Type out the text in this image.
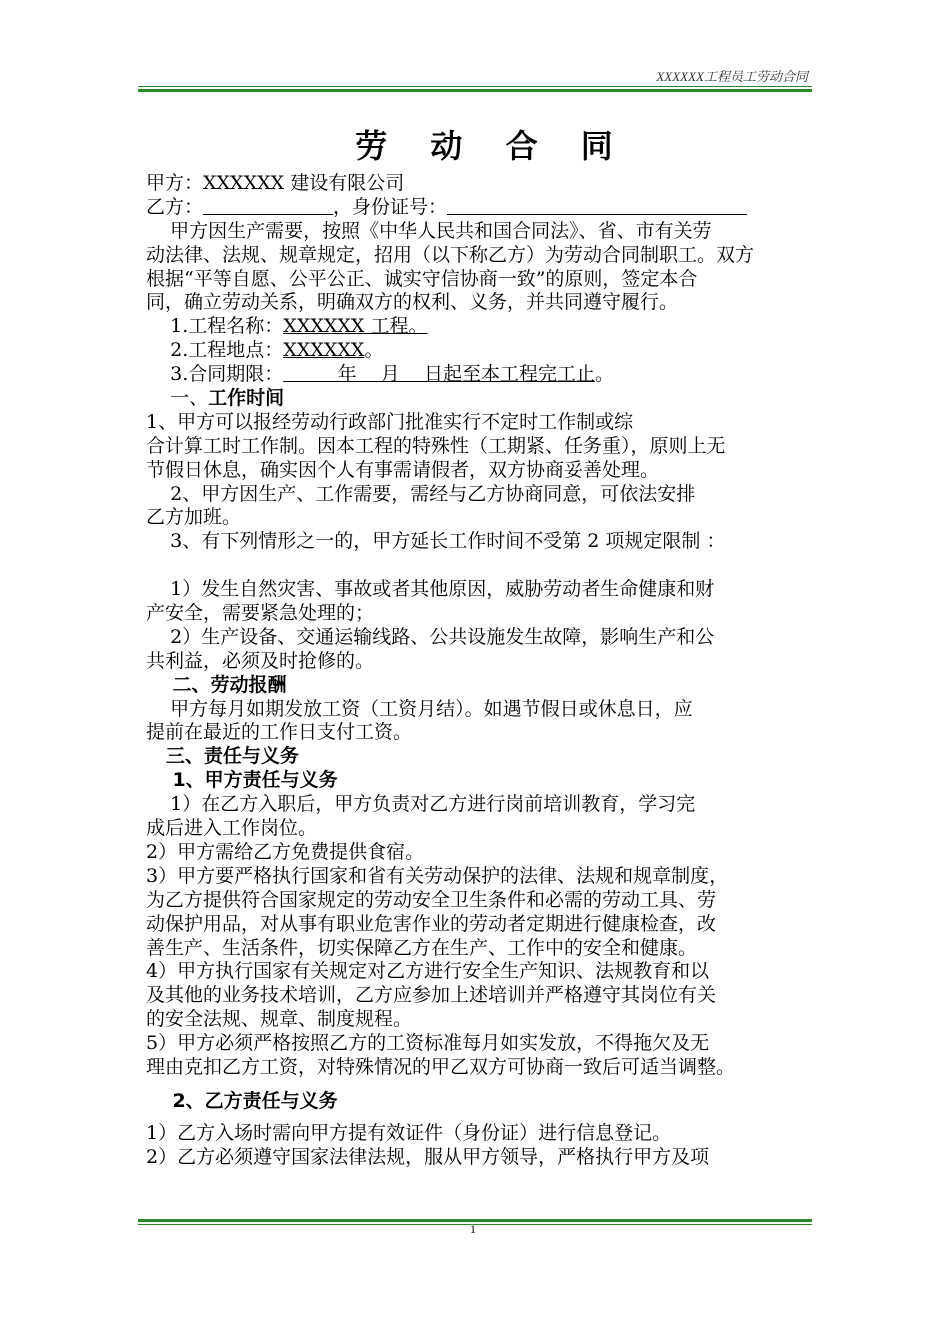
XXXXXX工程员工劳动合同
劳 动 合 同
甲方：XXXXXX 建设有限公司
乙方：	，身份证号：
甲方因生产需要，按照《中华人民共和国合同法》、省、市有关劳
动法律、法规、规章规定，招用（以下称乙方）为劳动合同制职工。双方
根据“平等自愿、公平公正、诚实守信协商一致”的原则，签定本合
同，确立劳动关系，明确双方的权利、义务，并共同遵守履行。
1.工程名称：XXXXXX 工程。
2.工程地点：XXXXXX。
3.合同期限：         年    月    日起至本工程完工止。
一、工作时间
1、甲方可以报经劳动行政部门批准实行不定时工作制或综
合计算工时工作制。因本工程的特殊性（工期紧、任务重），原则上无
节假日休息，确实因个人有事需请假者，双方协商妥善处理。
2、甲方因生产、工作需要，需经与乙方协商同意，可依法安排
乙方加班。
3、有下列情形之一的，甲方延长工作时间不受第 2 项规定限制 ：
1）发生自然灾害、事故或者其他原因，威胁劳动者生命健康和财
产安全，需要紧急处理的；
2）生产设备、交通运输线路、公共设施发生故障，影响生产和公
共利益，必须及时抢修的。
二、劳动报酬
甲方每月如期发放工资（工资月结）。如遇节假日或休息日，应
提前在最近的工作日支付工资。
三、责任与义务
1、甲方责任与义务
1）在乙方入职后，甲方负责对乙方进行岗前培训教育，学习完
成后进入工作岗位。
2）甲方需给乙方免费提供食宿。
3）甲方要严格执行国家和省有关劳动保护的法律、法规和规章制度，
为乙方提供符合国家规定的劳动安全卫生条件和必需的劳动工具、劳
动保护用品，对从事有职业危害作业的劳动者定期进行健康检查，改
善生产、生活条件，切实保障乙方在生产、工作中的安全和健康。
4）甲方执行国家有关规定对乙方进行安全生产知识、法规教育和以
及其他的业务技术培训，乙方应参加上述培训并严格遵守其岗位有关
的安全法规、规章、制度规程。
5）甲方必须严格按照乙方的工资标准每月如实发放，不得拖欠及无
理由克扣乙方工资，对特殊情况的甲乙双方可协商一致后可适当调整。
2、乙方责任与义务
1）乙方入场时需向甲方提有效证件（身份证）进行信息登记。
2）乙方必须遵守国家法律法规，服从甲方领导，严格执行甲方及项
1
